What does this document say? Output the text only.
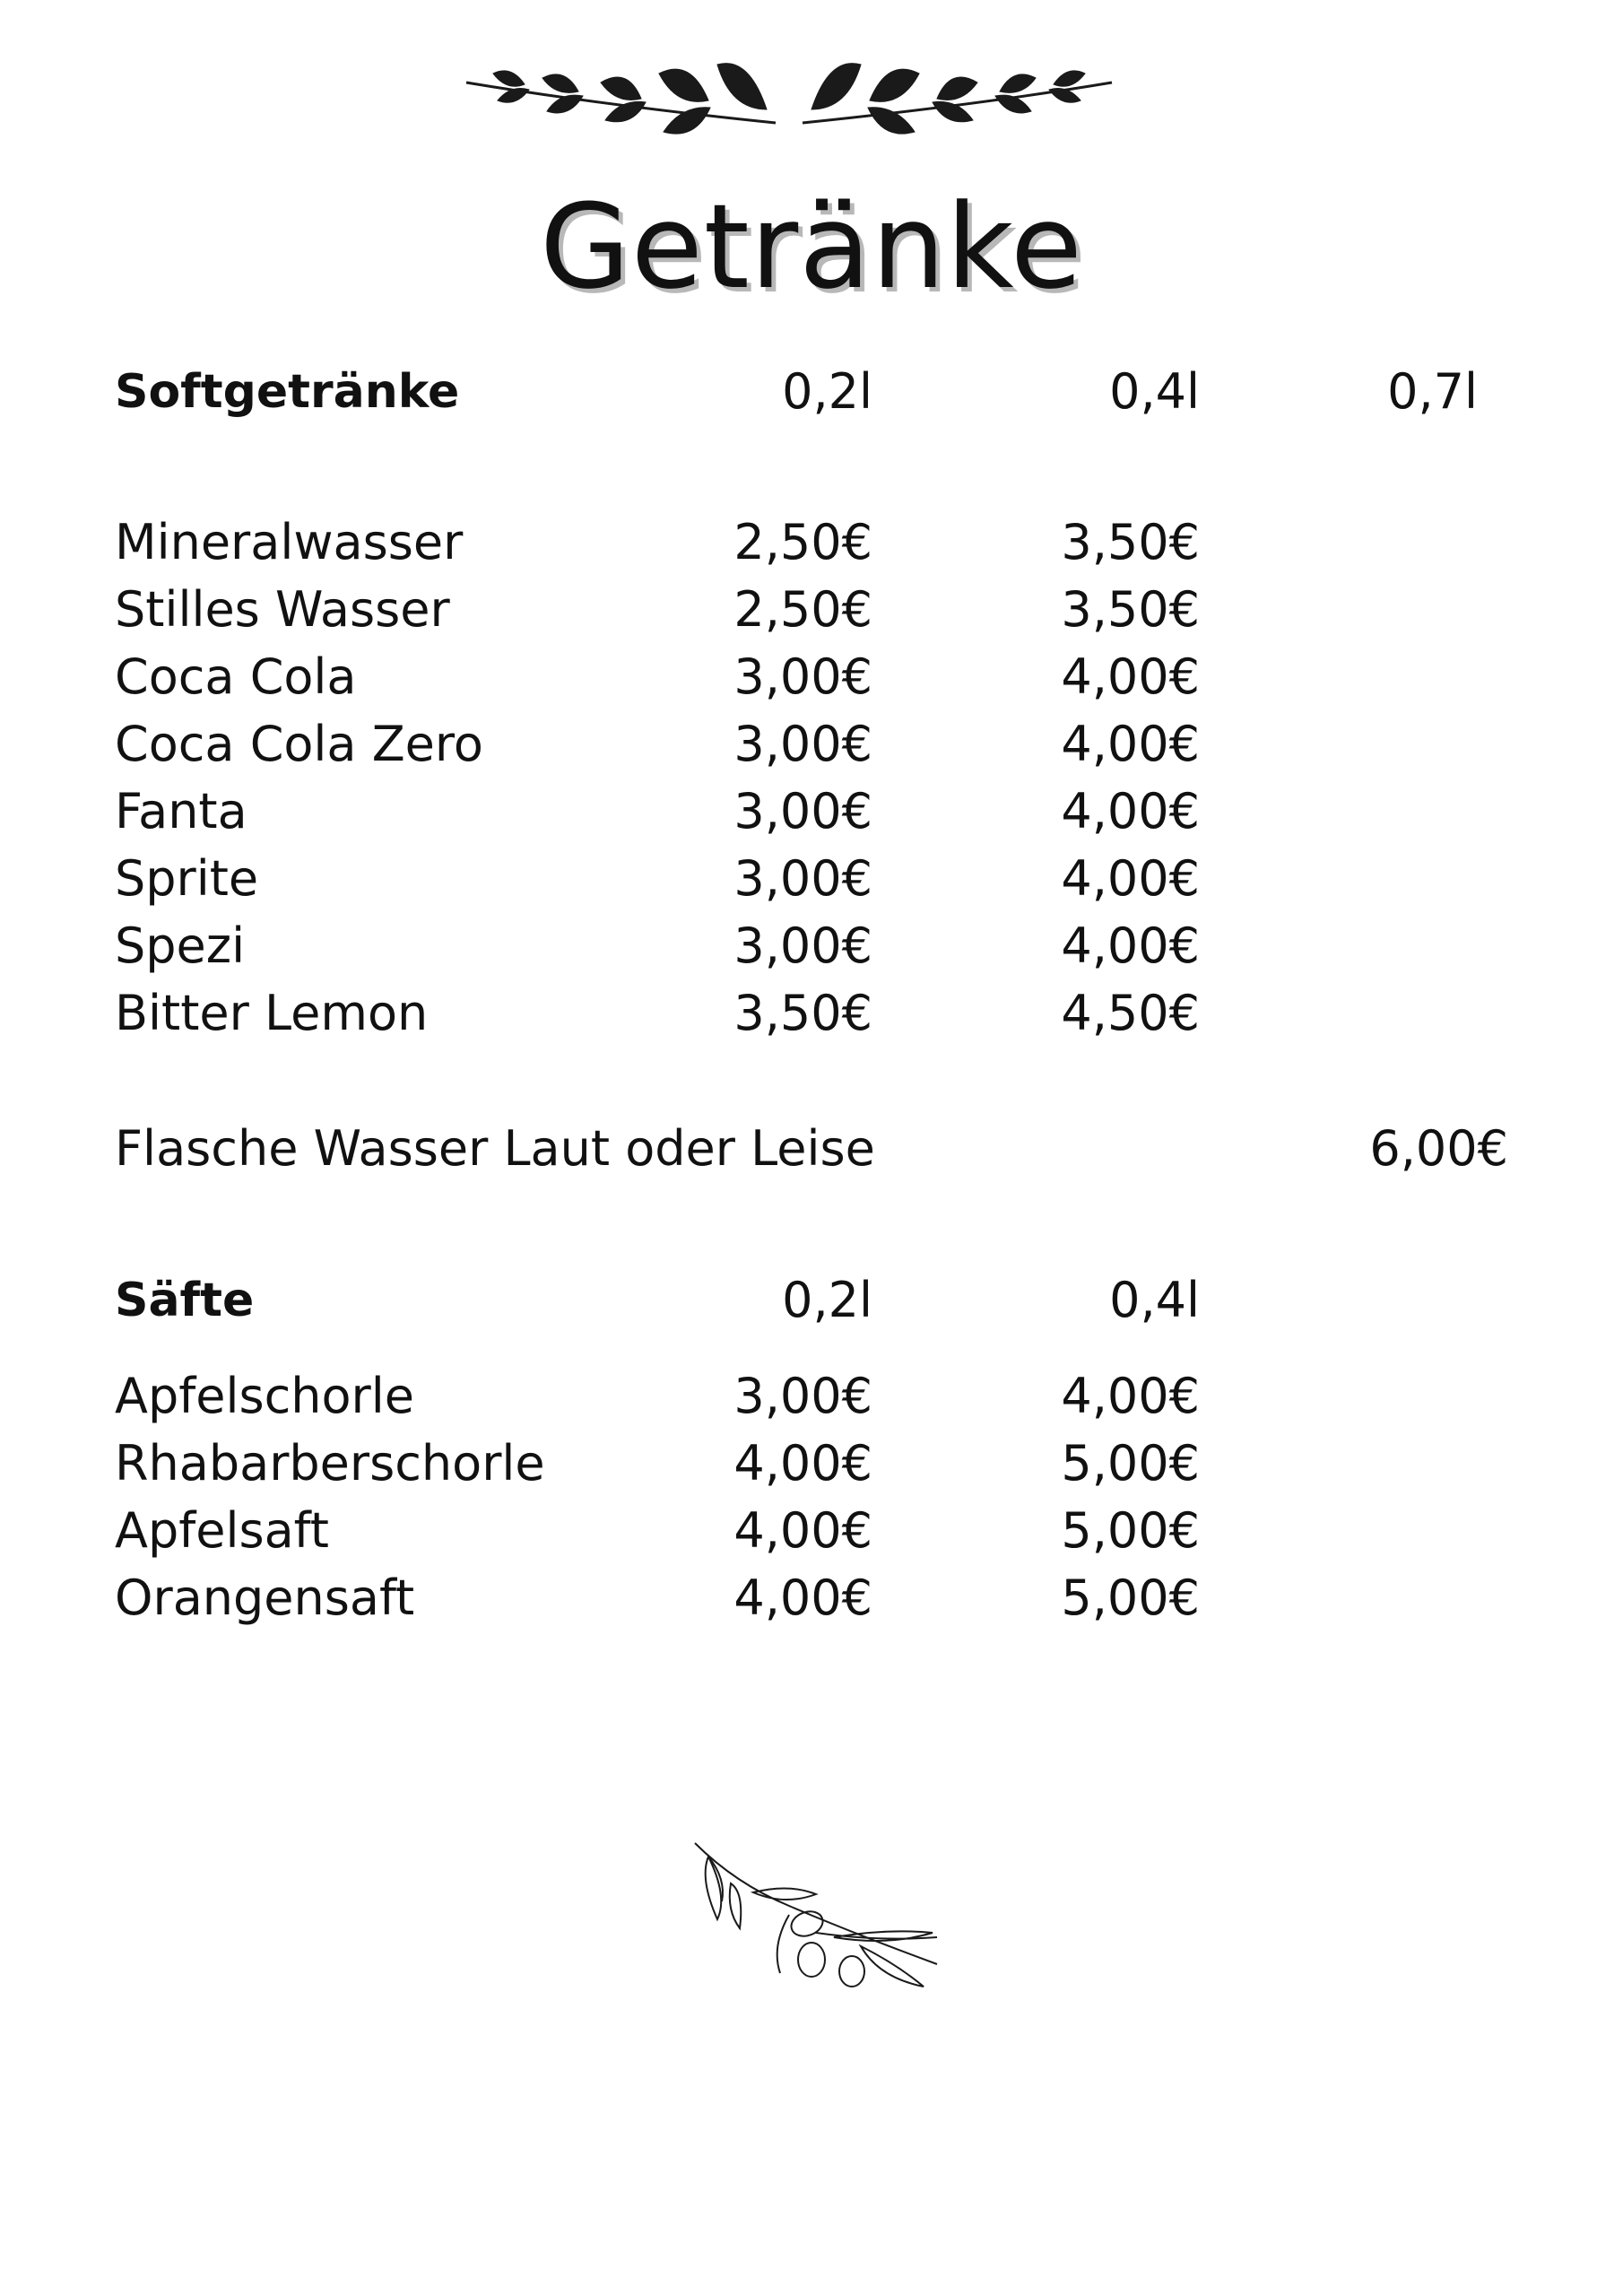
Getränke
Softgetränke	0,2l	0,4l	0,7l
Mineralwasser	2,50€	3,50€
Stilles Wasser	2,50€	3,50€
Coca Cola	3,00€	4,00€
Coca Cola Zero	3,00€	4,00€
Fanta	3,00€	4,00€
Sprite	3,00€	4,00€
Spezi	3,00€	4,00€
Bitter Lemon	3,50€	4,50€
Flasche Wasser Laut oder Leise	6,00€
Säfte	0,2l	0,4l
Apfelschorle	3,00€	4,00€
Rhabarberschorle	4,00€	5,00€
Apfelsaft	4,00€	5,00€
Orangensaft	4,00€	5,00€
